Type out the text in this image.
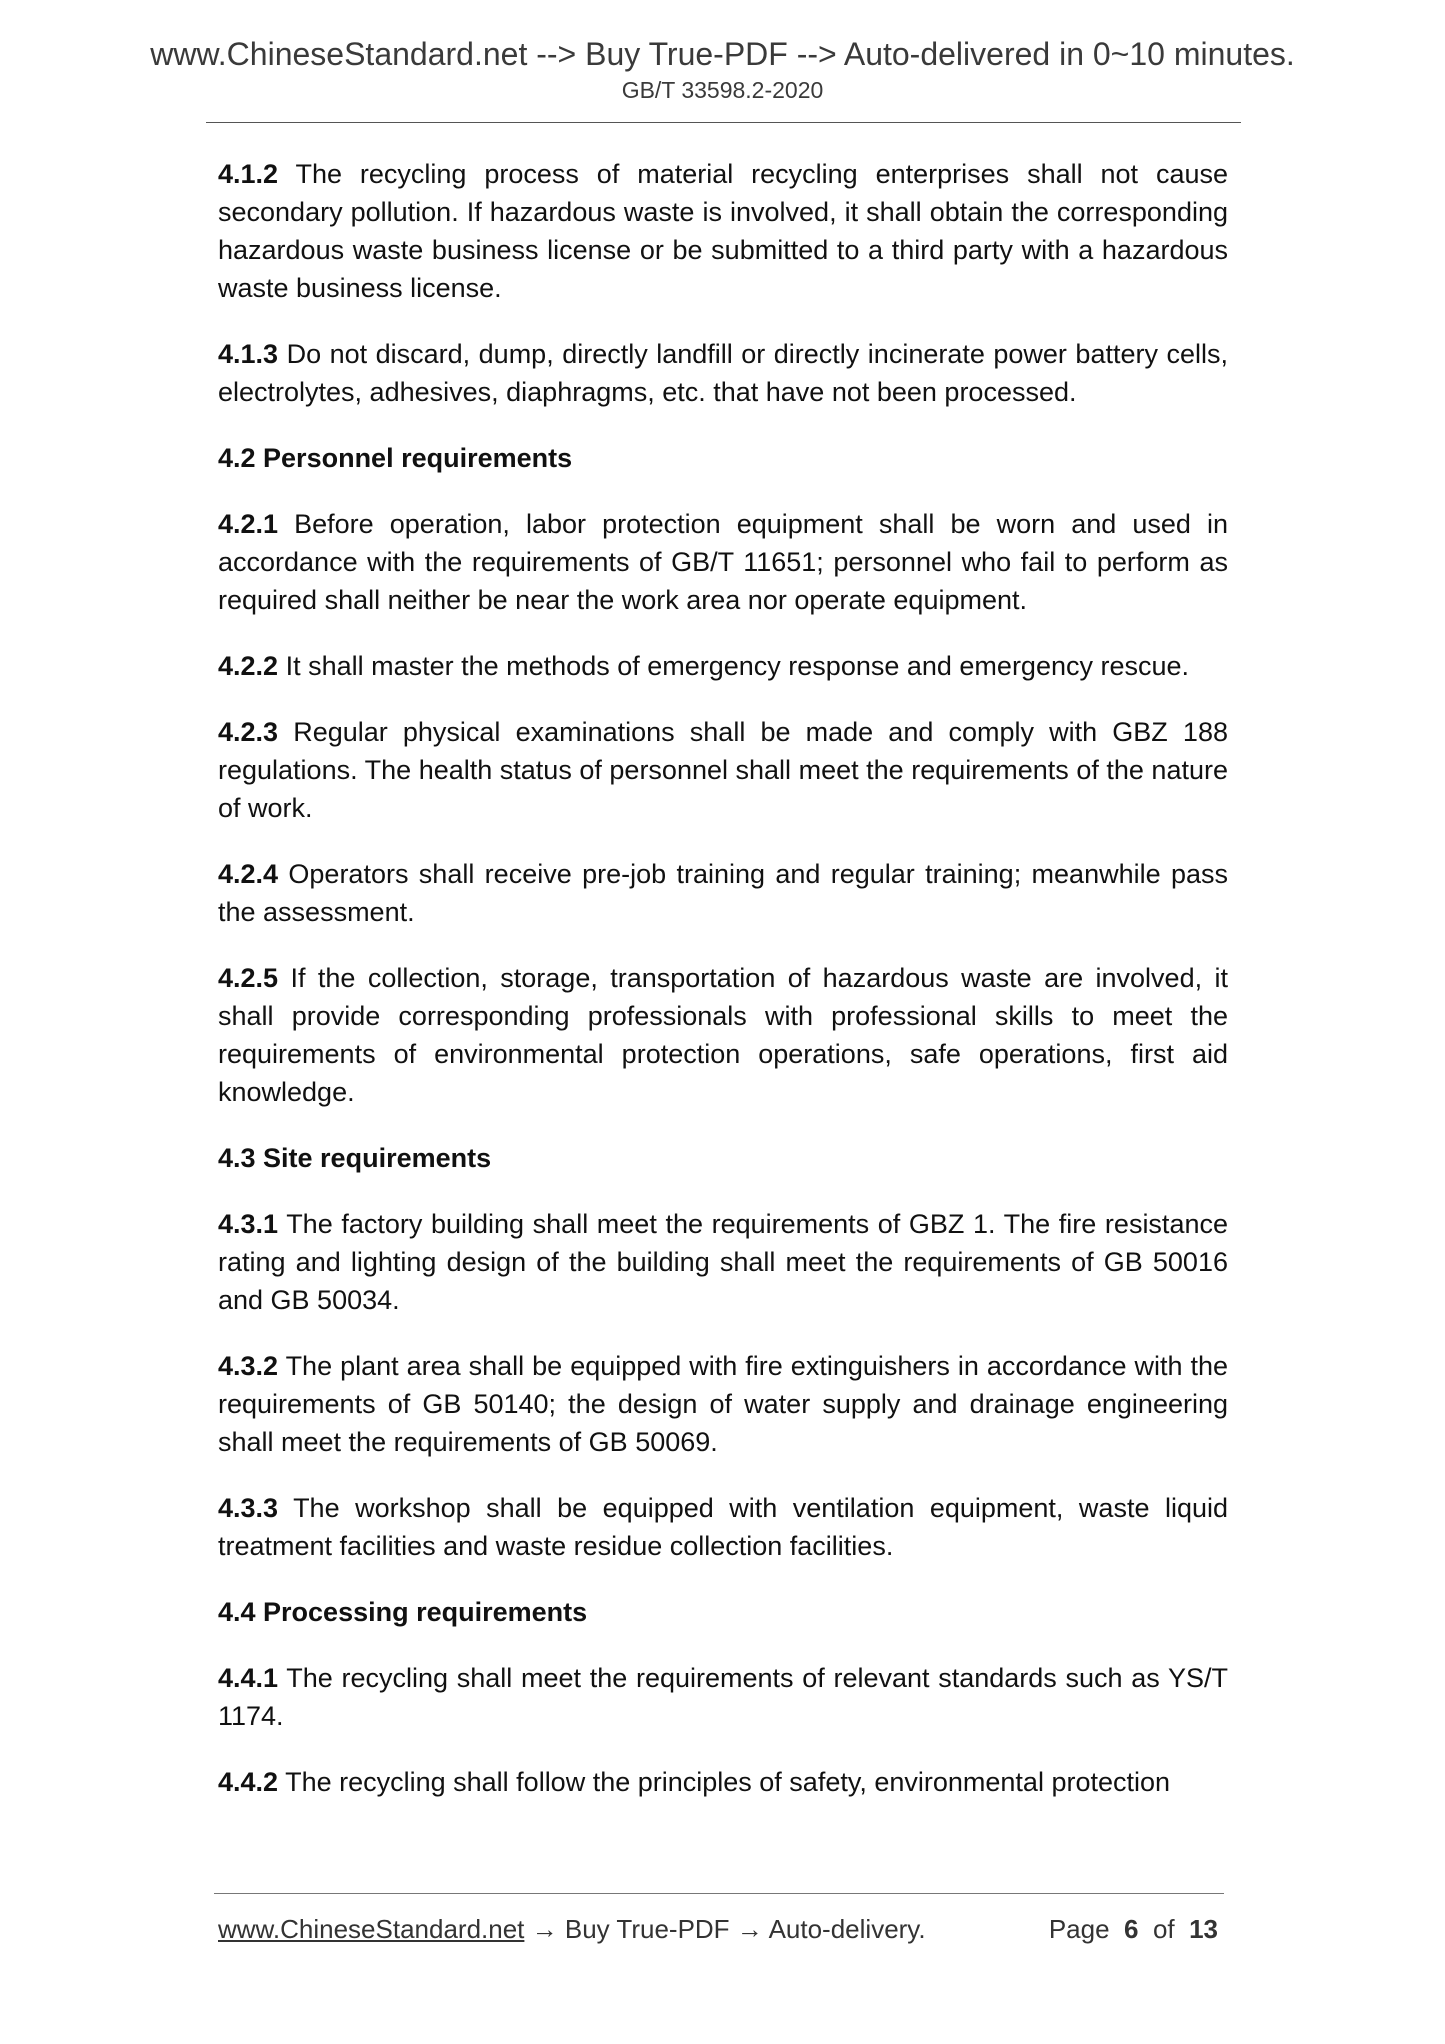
www.ChineseStandard.net --> Buy True-PDF --> Auto-delivered in 0~10 minutes.
GB/T 33598.2-2020

4.1.2 The recycling process of material recycling enterprises shall not cause secondary pollution. If hazardous waste is involved, it shall obtain the corresponding hazardous waste business license or be submitted to a third party with a hazardous waste business license.

4.1.3 Do not discard, dump, directly landfill or directly incinerate power battery cells, electrolytes, adhesives, diaphragms, etc. that have not been processed.

4.2 Personnel requirements

4.2.1 Before operation, labor protection equipment shall be worn and used in accordance with the requirements of GB/T 11651; personnel who fail to perform as required shall neither be near the work area nor operate equipment.

4.2.2 It shall master the methods of emergency response and emergency rescue.

4.2.3 Regular physical examinations shall be made and comply with GBZ 188 regulations. The health status of personnel shall meet the requirements of the nature of work.

4.2.4 Operators shall receive pre-job training and regular training; meanwhile pass the assessment.

4.2.5 If the collection, storage, transportation of hazardous waste are involved, it shall provide corresponding professionals with professional skills to meet the requirements of environmental protection operations, safe operations, first aid knowledge.

4.3 Site requirements

4.3.1 The factory building shall meet the requirements of GBZ 1. The fire resistance rating and lighting design of the building shall meet the requirements of GB 50016 and GB 50034.

4.3.2 The plant area shall be equipped with fire extinguishers in accordance with the requirements of GB 50140; the design of water supply and drainage engineering shall meet the requirements of GB 50069.

4.3.3 The workshop shall be equipped with ventilation equipment, waste liquid treatment facilities and waste residue collection facilities.

4.4 Processing requirements

4.4.1 The recycling shall meet the requirements of relevant standards such as YS/T 1174.

4.4.2 The recycling shall follow the principles of safety, environmental protection

www.ChineseStandard.net → Buy True-PDF → Auto-delivery.	Page 6 of 13
